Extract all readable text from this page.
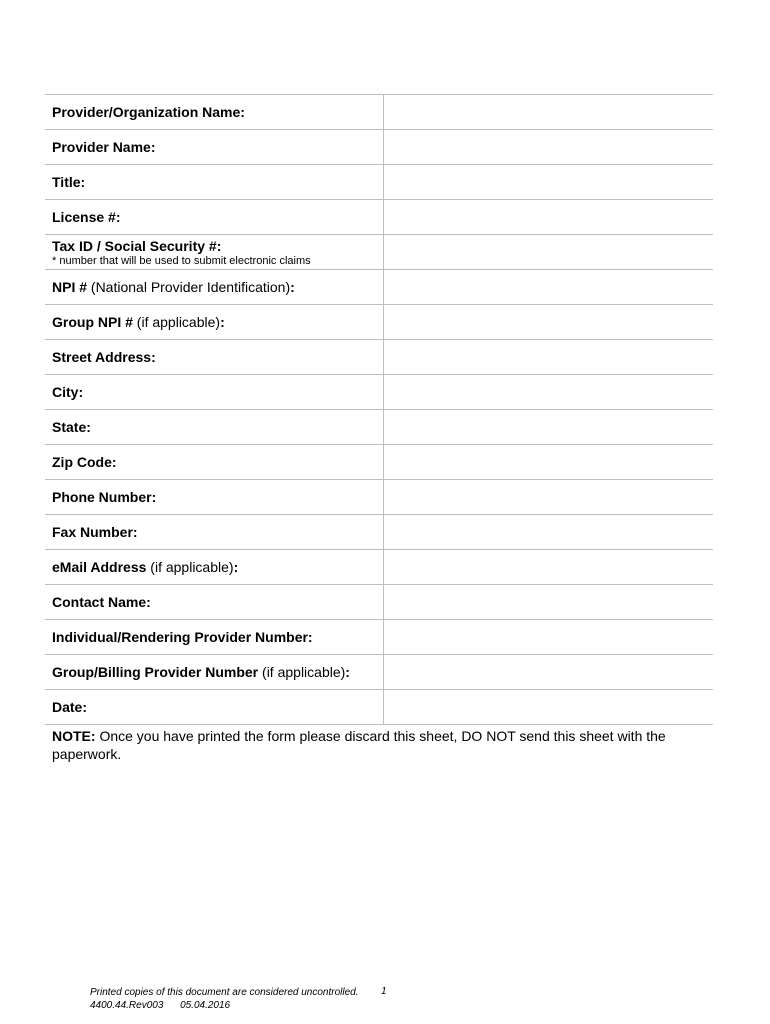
Provider/Organization Name:
Provider Name:
Title:
License #:
Tax ID / Social Security #:
* number that will be used to submit electronic claims
NPI # (National Provider Identification):
Group NPI # (if applicable):
Street Address:
City:
State:
Zip Code:
Phone Number:
Fax Number:
eMail Address (if applicable):
Contact Name:
Individual/Rendering Provider Number:
Group/Billing Provider Number (if applicable):
Date:
NOTE: Once you have printed the form please discard this sheet, DO NOT send this sheet with the paperwork.
Printed copies of this document are considered uncontrolled.
4400.44.Rev003      05.04.2016
1
